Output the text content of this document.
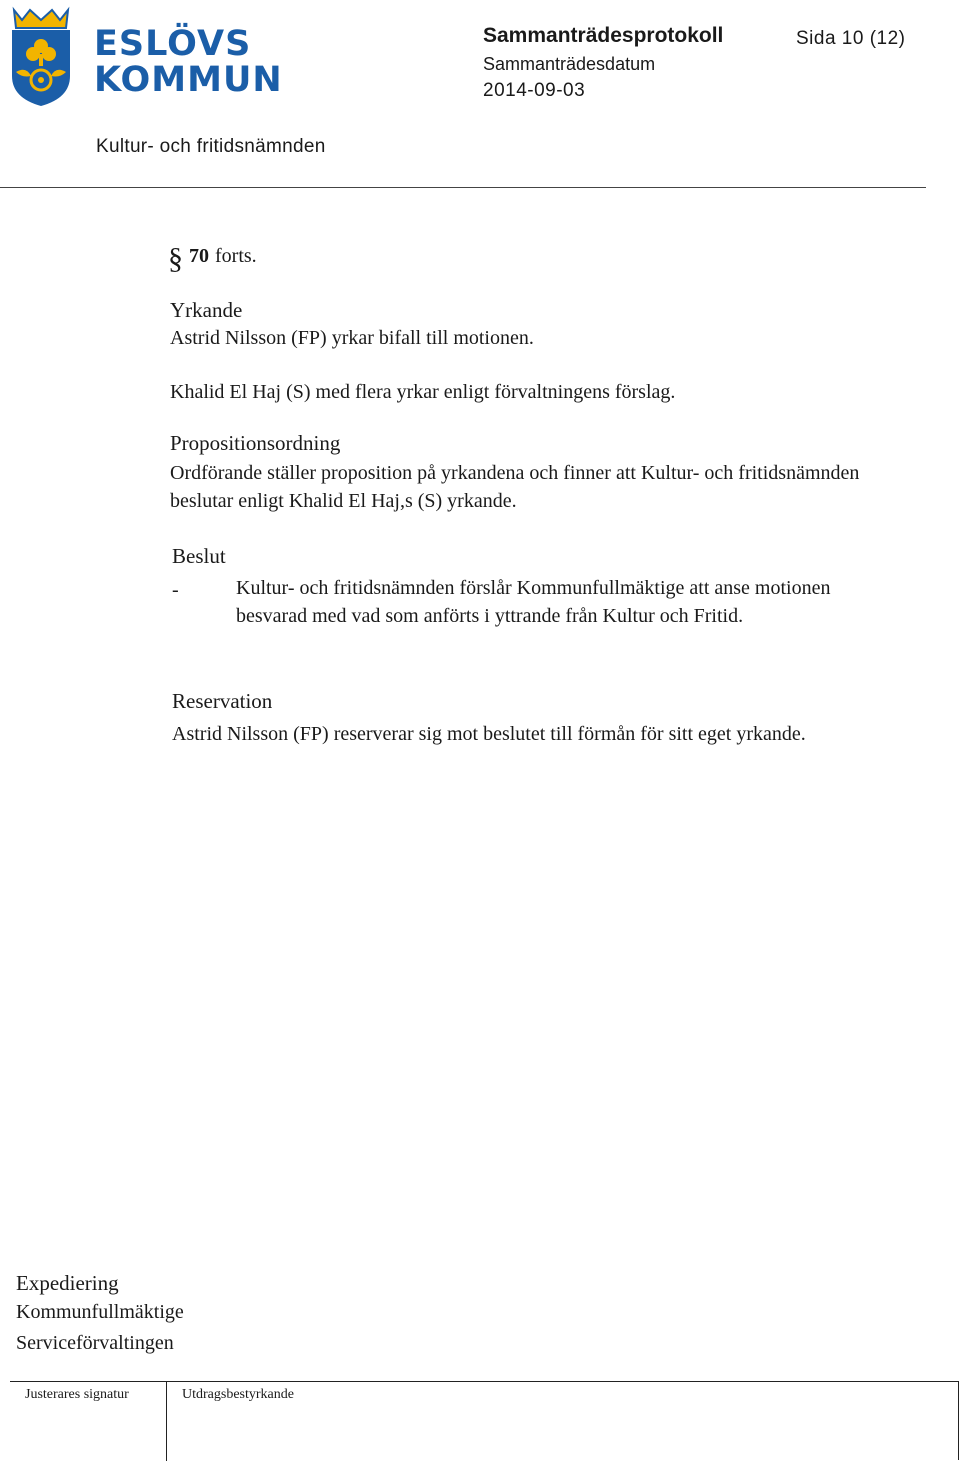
ESLÖVS
KOMMUN
Sammanträdesprotokoll	Sida 10 (12)
Sammanträdesdatum
2014-09-03
Kultur- och fritidsnämnden
§ 70 forts.
Yrkande
Astrid Nilsson (FP) yrkar bifall till motionen.
Khalid El Haj (S) med flera yrkar enligt förvaltningens förslag.
Propositionsordning
Ordförande ställer proposition på yrkandena och finner att Kultur- och fritidsnämnden beslutar enligt Khalid El Haj,s (S) yrkande.
Beslut
-	Kultur- och fritidsnämnden förslår Kommunfullmäktige att anse motionen besvarad med vad som anförts i yttrande från Kultur och Fritid.
Reservation
Astrid Nilsson (FP) reserverar sig mot beslutet till förmån för sitt eget yrkande.
Expediering
Kommunfullmäktige
Serviceförvaltingen
Justerares signatur	Utdragsbestyrkande
